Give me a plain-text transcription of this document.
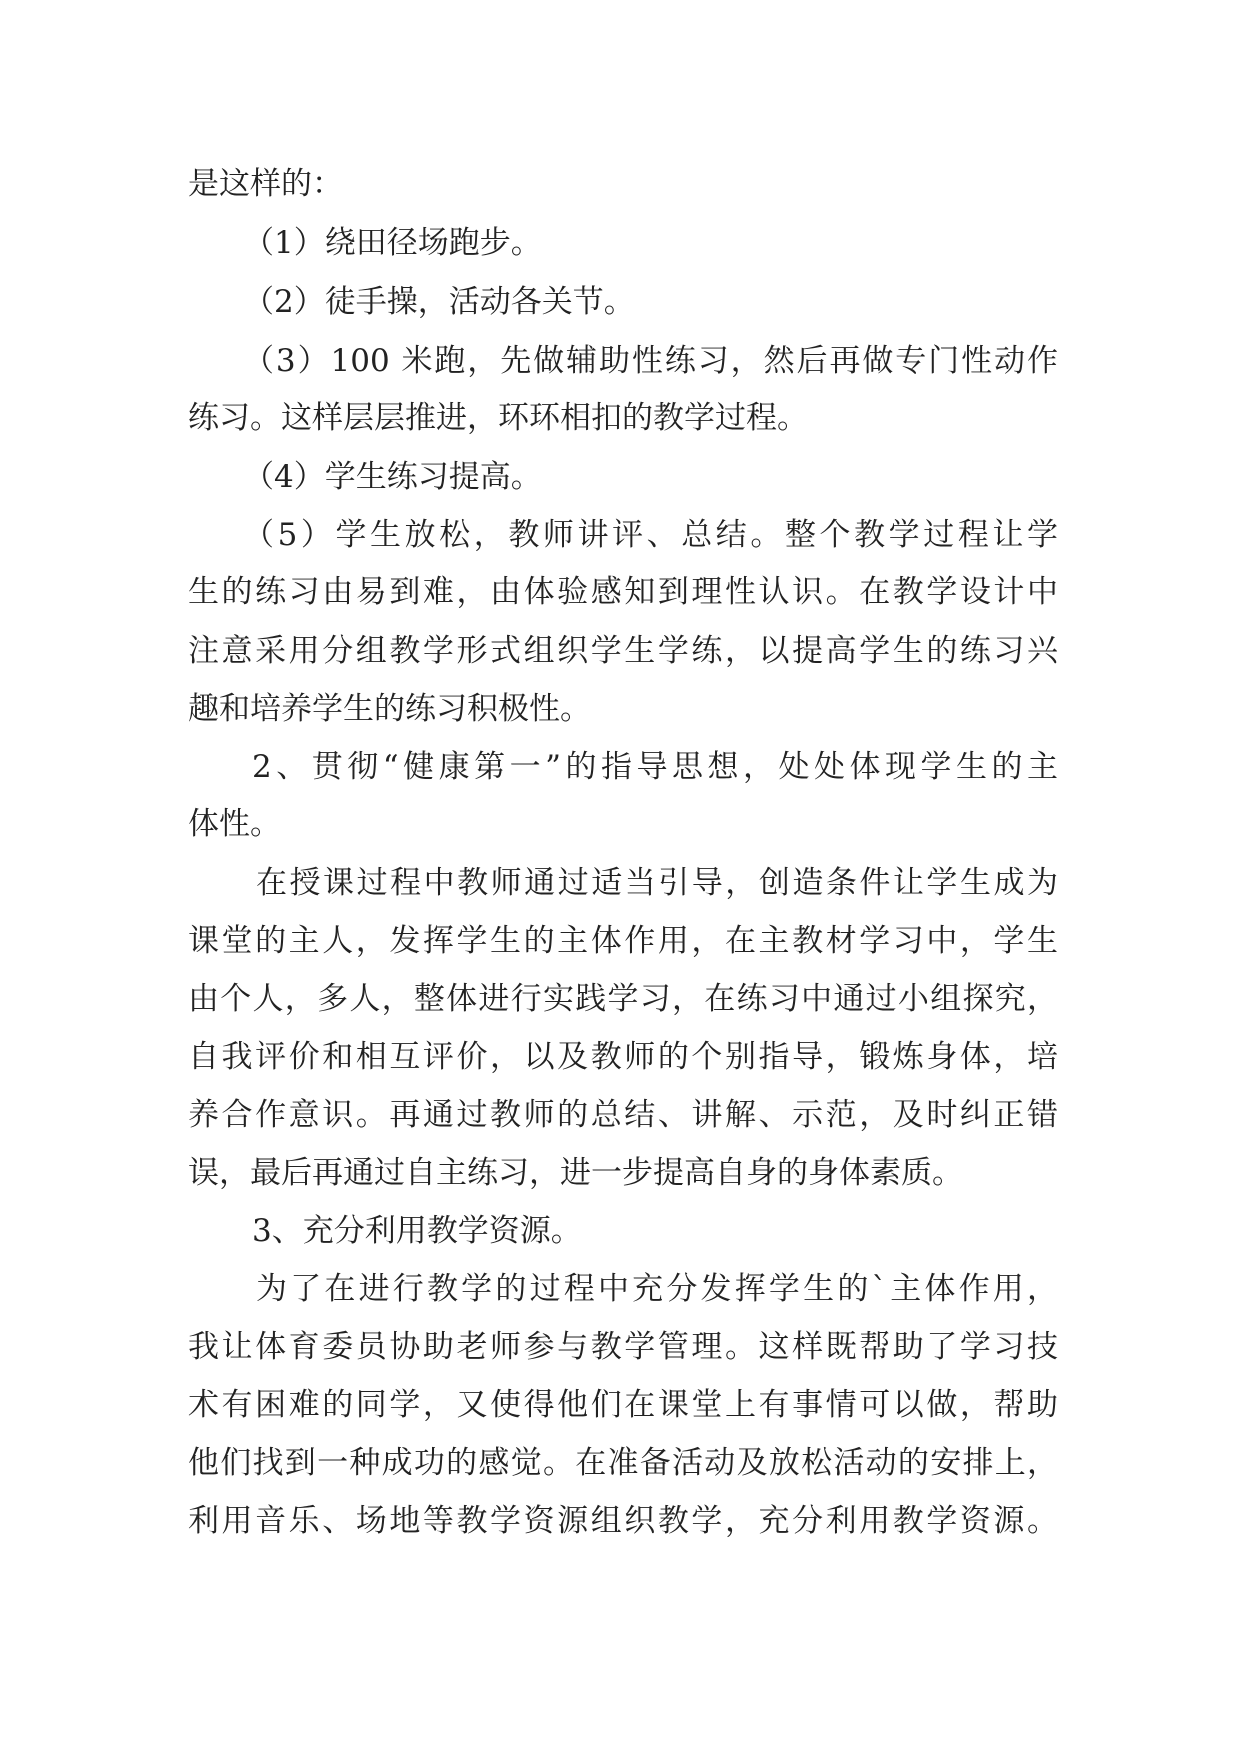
是这样的：
（1）绕田径场跑步。
（2）徒手操，活动各关节。
（3）100 米跑，先做辅助性练习，然后再做专门性动作
练习。这样层层推进，环环相扣的教学过程。
（4）学生练习提高。
（5）学生放松，教师讲评、总结。整个教学过程让学
生的练习由易到难，由体验感知到理性认识。在教学设计中
注意采用分组教学形式组织学生学练，以提高学生的练习兴
趣和培养学生的练习积极性。
2、贯彻“健康第一”的指导思想，处处体现学生的主
体性。
在授课过程中教师通过适当引导，创造条件让学生成为
课堂的主人，发挥学生的主体作用，在主教材学习中，学生
由个人，多人，整体进行实践学习，在练习中通过小组探究，
自我评价和相互评价，以及教师的个别指导，锻炼身体，培
养合作意识。再通过教师的总结、讲解、示范，及时纠正错
误，最后再通过自主练习，进一步提高自身的身体素质。
3、充分利用教学资源。
为了在进行教学的过程中充分发挥学生的`主体作用，
我让体育委员协助老师参与教学管理。这样既帮助了学习技
术有困难的同学，又使得他们在课堂上有事情可以做，帮助
他们找到一种成功的感觉。在准备活动及放松活动的安排上，
利用音乐、场地等教学资源组织教学，充分利用教学资源。
